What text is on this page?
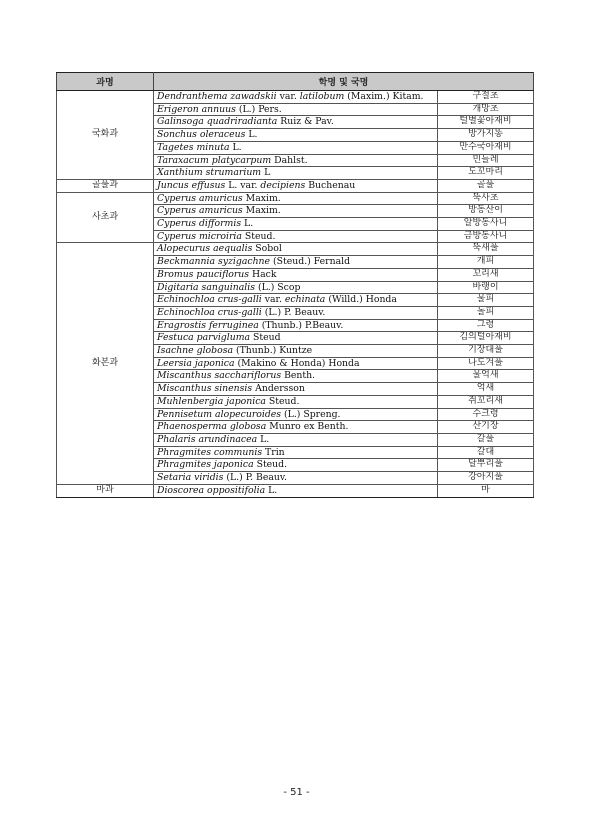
과명	학명 및 국명	
국화과	Dendranthema zawadskii var. latilobum (Maxim.) Kitam.	구절초
	Erigeron annuus (L.) Pers.	개망초
	Galinsoga quadriradianta Ruiz & Pav.	털별꽃아재비
	Sonchus oleraceus L.	방가지똥
	Tagetes minuta L.	만수국아재비
	Taraxacum platycarpum Dahlst.	민들레
	Xanthium strumarium L	도꼬마리
골풀과	Juncus effusus L. var. decipiens Buchenau	골풀
사초과	Cyperus amuricus Maxim.	뚝사초
	Cyperus amuricus Maxim.	방동산이
	Cyperus difformis L.	알방동사니
	Cyperus microiria Steud.	금방동사니
화본과	Alopecurus aequalis Sobol	뚝새풀
	Beckmannia syzigachne (Steud.) Fernald	개피
	Bromus pauciflorus Hack	꼬리새
	Digitaria sanguinalis (L.) Scop	바랭이
	Echinochloa crus-galli var. echinata (Willd.) Honda	물피
	Echinochloa crus-galli (L.) P. Beauv.	돌피
	Eragrostis ferruginea (Thunb.) P.Beauv.	그령
	Festuca parvigluma Steud	김의털아재비
	Isachne globosa (Thunb.) Kuntze	기장대풀
	Leersia japonica (Makino & Honda) Honda	나도겨풀
	Miscanthus sacchariflorus Benth.	물억새
	Miscanthus sinensis Andersson	억새
	Muhlenbergia japonica Steud.	쥐꼬리새
	Pennisetum alopecuroides (L.) Spreng.	수크령
	Phaenosperma globosa Munro ex Benth.	산기장
	Phalaris arundinacea L.	갈풀
	Phragmites communis Trin	갈대
	Phragmites japonica Steud.	달뿌리풀
	Setaria viridis (L.) P. Beauv.	강아지풀
마과	Dioscorea oppositifolia L.	마
- 51 -
